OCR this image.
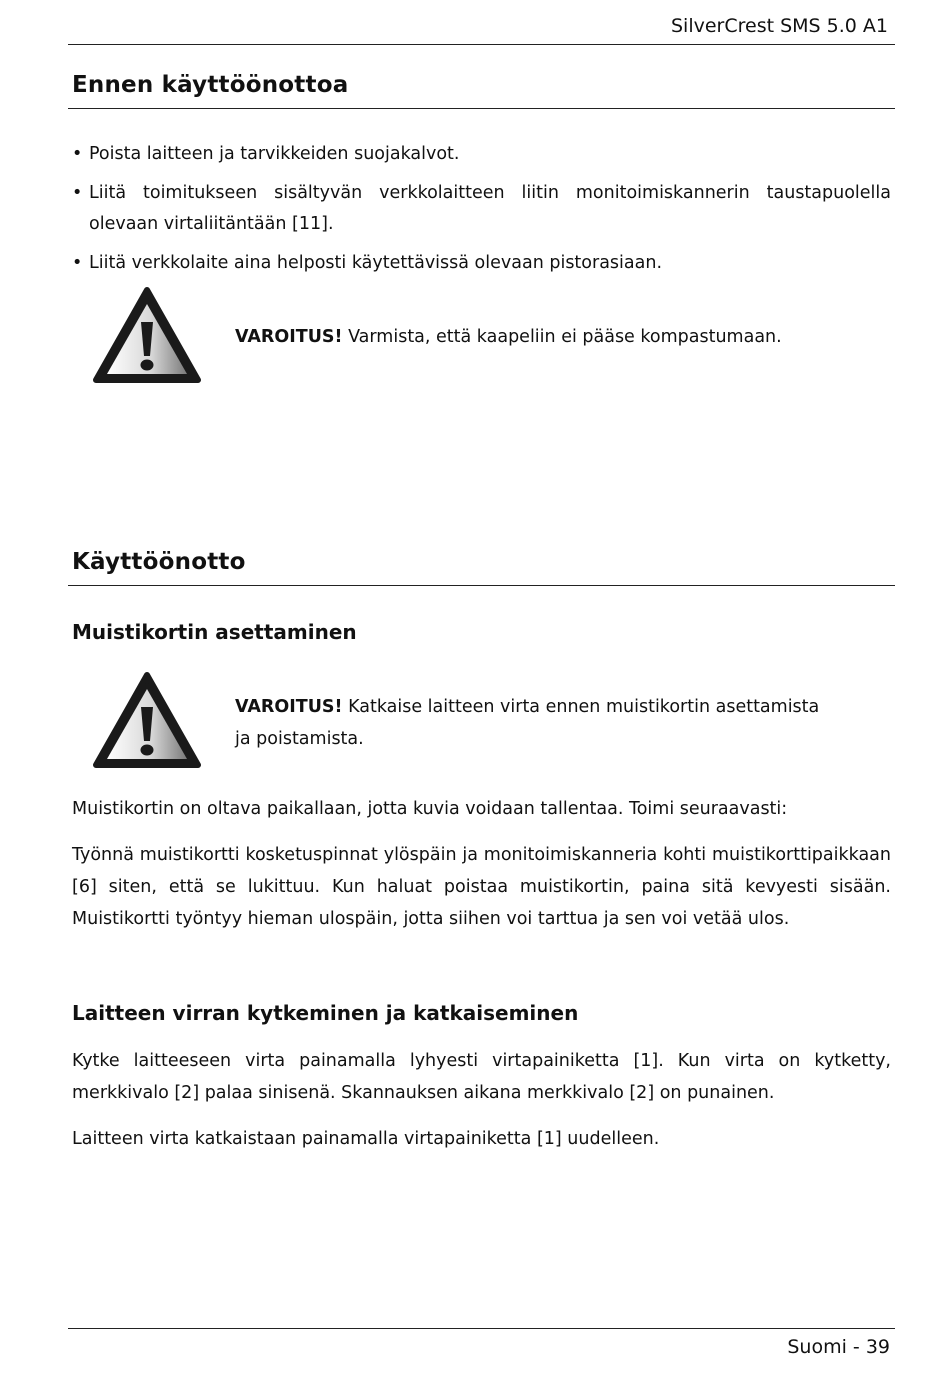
SilverCrest SMS 5.0 A1
Ennen käyttöönottoa
• Poista laitteen ja tarvikkeiden suojakalvot.
• Liitä toimitukseen sisältyvän verkkolaitteen liitin monitoimiskannerin taustapuolella olevaan virtaliitäntään [11].
• Liitä verkkolaite aina helposti käytettävissä olevaan pistorasiaan.
VAROITUS! Varmista, että kaapeliin ei pääse kompastumaan.
Käyttöönotto
Muistikortin asettaminen
VAROITUS! Katkaise laitteen virta ennen muistikortin asettamista ja poistamista.
Muistikortin on oltava paikallaan, jotta kuvia voidaan tallentaa. Toimi seuraavasti:
Työnnä muistikortti kosketuspinnat ylöspäin ja monitoimiskanneria kohti muistikorttipaikkaan [6] siten, että se lukittuu. Kun haluat poistaa muistikortin, paina sitä kevyesti sisään. Muistikortti työntyy hieman ulospäin, jotta siihen voi tarttua ja sen voi vetää ulos.
Laitteen virran kytkeminen ja katkaiseminen
Kytke laitteeseen virta painamalla lyhyesti virtapainiketta [1]. Kun virta on kytketty, merkkivalo [2] palaa sinisenä. Skannauksen aikana merkkivalo [2] on punainen.
Laitteen virta katkaistaan painamalla virtapainiketta [1] uudelleen.
Suomi - 39
